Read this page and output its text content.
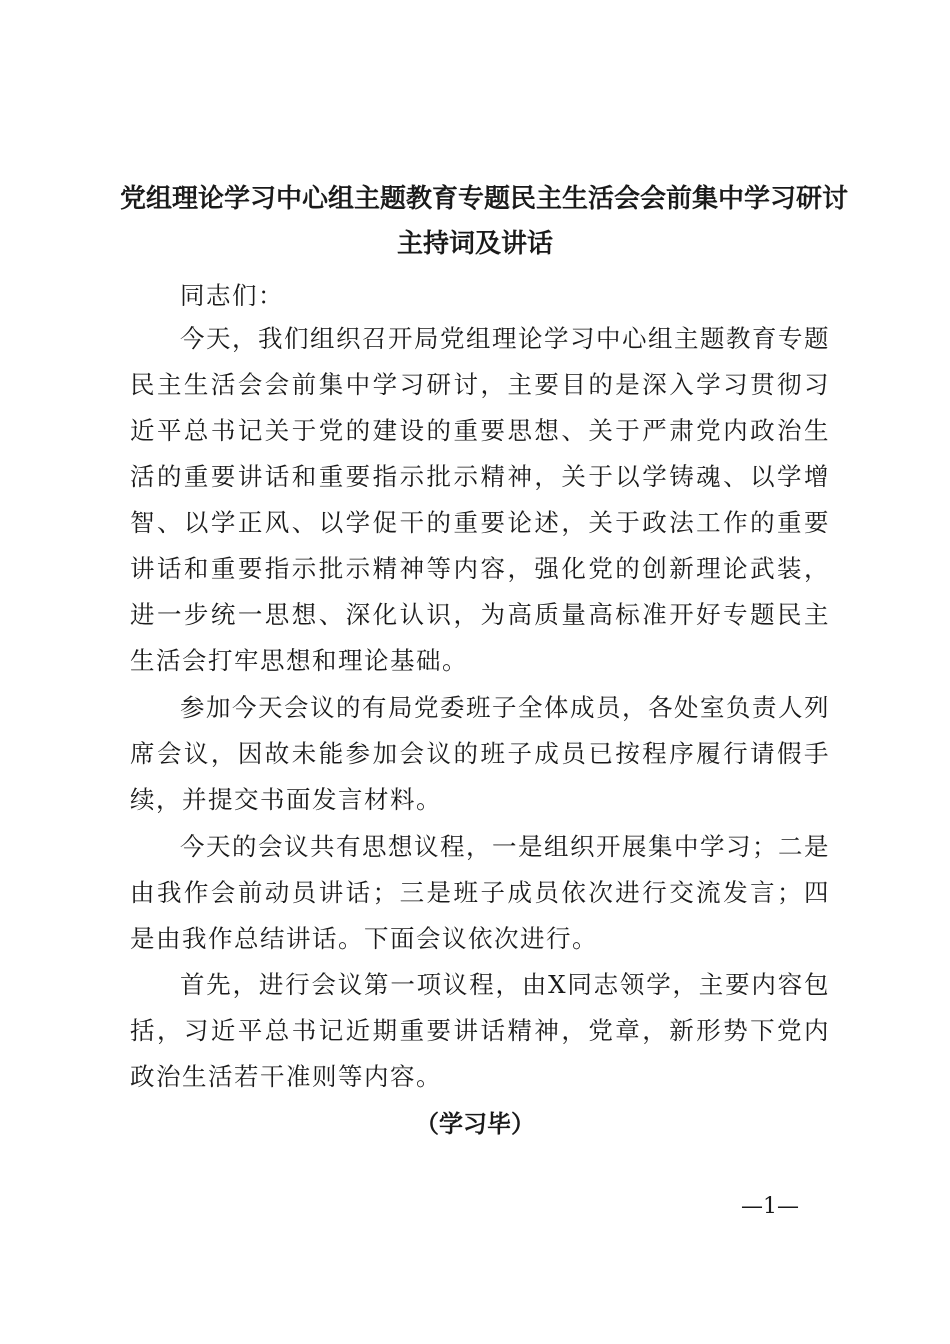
党组理论学习中心组主题教育专题民主生活会会前集中学习研讨
主持词及讲话

同志们：

今天，我们组织召开局党组理论学习中心组主题教育专题民主生活会会前集中学习研讨，主要目的是深入学习贯彻习近平总书记关于党的建设的重要思想、关于严肃党内政治生活的重要讲话和重要指示批示精神，关于以学铸魂、以学增智、以学正风、以学促干的重要论述，关于政法工作的重要讲话和重要指示批示精神等内容，强化党的创新理论武装，进一步统一思想、深化认识，为高质量高标准开好专题民主生活会打牢思想和理论基础。

参加今天会议的有局党委班子全体成员，各处室负责人列席会议，因故未能参加会议的班子成员已按程序履行请假手续，并提交书面发言材料。

今天的会议共有思想议程，一是组织开展集中学习；二是由我作会前动员讲话；三是班子成员依次进行交流发言；四是由我作总结讲话。下面会议依次进行。

首先，进行会议第一项议程，由X同志领学，主要内容包括，习近平总书记近期重要讲话精神，党章，新形势下党内政治生活若干准则等内容。

（学习毕）

—1—
